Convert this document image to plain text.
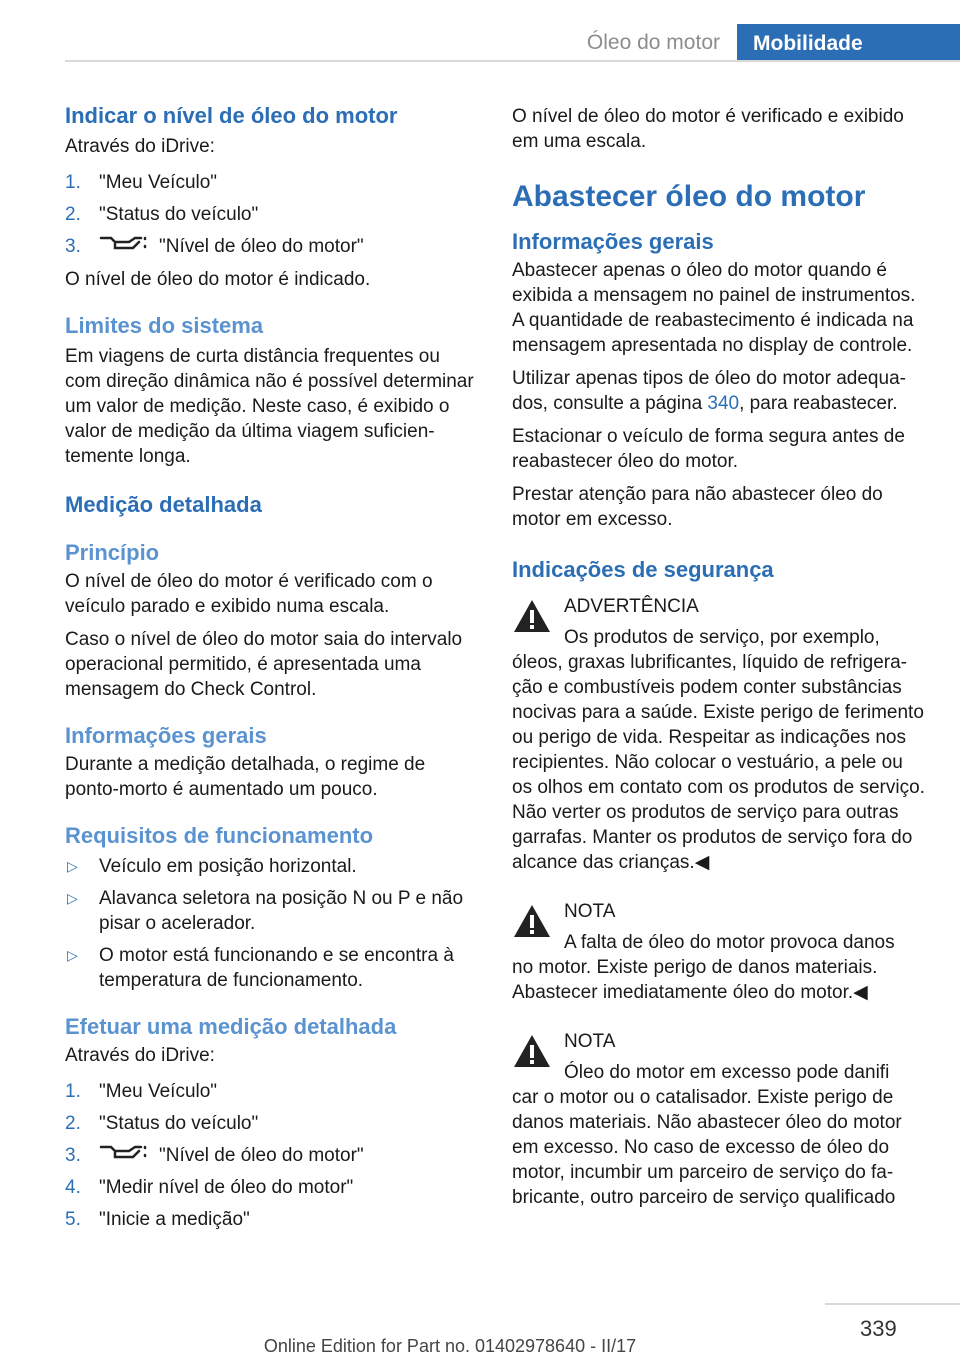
Óleo do motor	Mobilidade
Indicar o nível de óleo do motor

Através do iDrive:

1. "Meu Veículo"
2. "Status do veículo"
3.	"Nível de óleo do motor"

O nível de óleo do motor é indicado.

Limites do sistema

Em viagens de curta distância frequentes ou com direção dinâmica não é possível determinar um valor de medição. Neste caso, é exibido o valor de medição da última viagem suficientemente longa.

Medição detalhada
Princípio

O nível de óleo do motor é verificado com o veículo parado e exibido numa escala.

Caso o nível de óleo do motor saia do intervalo operacional permitido, é apresentada uma mensagem do Check Control.

Informações gerais

Durante a medição detalhada, o regime de ponto-morto é aumentado um pouco.

Requisitos de funcionamento
▷ Veículo em posição horizontal.
▷ Alavanca seletora na posição N ou P e não pisar o acelerador.
▷ O motor está funcionando e se encontra à temperatura de funcionamento.
Efetuar uma medição detalhada

Através do iDrive:

1. "Meu Veículo"
2. "Status do veículo"
3.	"Nível de óleo do motor"
4. "Medir nível de óleo do motor"
5. "Inicie a medição"

O nível de óleo do motor é verificado e exibido em uma escala.

Abastecer óleo do motor
Informações gerais

Abastecer apenas o óleo do motor quando é exibida a mensagem no painel de instrumentos. A quantidade de reabastecimento é indicada na mensagem apresentada no display de controle.

Utilizar apenas tipos de óleo do motor adequados, consulte a página 340, para reabastecer.

Estacionar o veículo de forma segura antes de reabastecer óleo do motor.

Prestar atenção para não abastecer óleo do motor em excesso.

Indicações de segurança

ADVERTÊNCIA

Os produtos de serviço, por exemplo,

óleos, graxas lubrificantes, líquido de refrigeração e combustíveis podem conter substâncias nocivas para a saúde. Existe perigo de ferimento ou perigo de vida. Respeitar as indicações nos recipientes. Não colocar o vestuário, a pele ou os olhos em contato com os produtos de serviço. Não verter os produtos de serviço para outras garrafas. Manter os produtos de serviço fora do alcance das crianças.◀

NOTA

A falta de óleo do motor provoca danos

no motor. Existe perigo de danos materiais. Abastecer imediatamente óleo do motor.◀

NOTA

Óleo do motor em excesso pode danifi

car o motor ou o catalisador. Existe perigo de danos materiais. Não abastecer óleo do motor em excesso. No caso de excesso de óleo do motor, incumbir um parceiro de serviço do fabricante, outro parceiro de serviço qualificado

339
Online Edition for Part no. 01402978640 - II/17
